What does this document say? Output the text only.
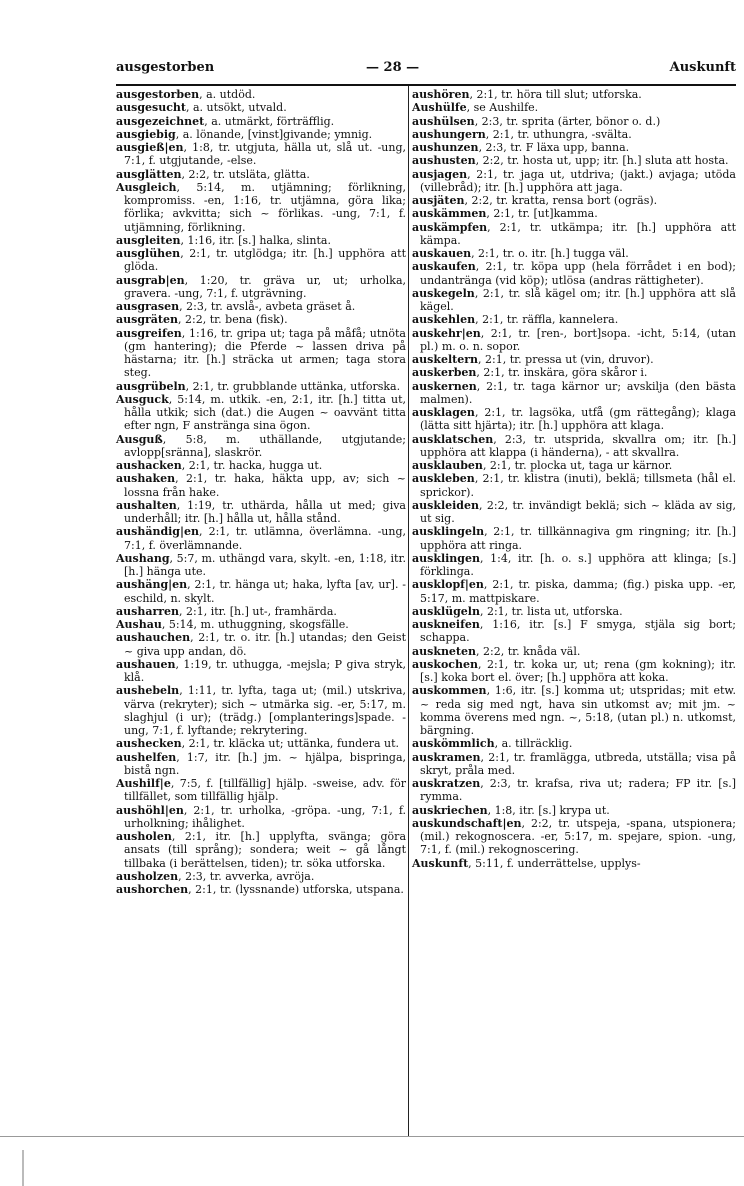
ausgestorben	— 28 —	Auskunft

ausgestorben, a. utdöd.

ausgesucht, a. utsökt, utvald.

ausgezeichnet, a. utmärkt, förträfflig.

ausgiebig, a. lönande, [vinst]givande; ymnig.

ausgieß|en, 1:8, tr. utgjuta, hälla ut, slå ut. -ung, 7:1, f. utgjutande, -else.

ausglätten, 2:2, tr. utsläta, glätta.

Ausgleich, 5:14, m. utjämning; förlikning, kompromiss. -en, 1:16, tr. utjämna, göra lika; förlika; avkvitta; sich ~ förlikas. -ung, 7:1, f. utjämning, förlikning.

ausgleiten, 1:16, itr. [s.] halka, slinta.

ausglühen, 2:1, tr. utglödga; itr. [h.] upphöra att glöda.

ausgrab|en, 1:20, tr. gräva ur, ut; urholka, gravera. -ung, 7:1, f. utgrävning.

ausgrasen, 2:3, tr. avslå-, avbeta gräset å.

ausgräten, 2:2, tr. bena (fisk).

ausgreifen, 1:16, tr. gripa ut; taga på måfå; utnöta (gm hantering); die Pferde ~ lassen driva på hästarna; itr. [h.] sträcka ut armen; taga stora steg.

ausgrübeln, 2:1, tr. grubblande uttänka, utforska.

Ausguck, 5:14, m. utkik. -en, 2:1, itr. [h.] titta ut, hålla utkik; sich (dat.) die Augen ~ oavvänt titta efter ngn, F anstränga sina ögon.

Ausguß, 5:8, m. uthällande, utgjutande; avlopp[sränna], slaskrör.

aushacken, 2:1, tr. hacka, hugga ut.

aushaken, 2:1, tr. haka, häkta upp, av; sich ~ lossna från hake.

aushalten, 1:19, tr. uthärda, hålla ut med; giva underhåll; itr. [h.] hålla ut, hålla stånd.

aushändig|en, 2:1, tr. utlämna, överlämna. -ung, 7:1, f. överlämnande.

Aushang, 5:7, m. uthängd vara, skylt. -en, 1:18, itr. [h.] hänga ute.

aushäng|en, 2:1, tr. hänga ut; haka, lyfta [av, ur]. -eschild, n. skylt.

ausharren, 2:1, itr. [h.] ut-, framhärda.

Aushau, 5:14, m. uthuggning, skogsfälle.

aushauchen, 2:1, tr. o. itr. [h.] utandas; den Geist ~ giva upp andan, dö.

aushauen, 1:19, tr. uthugga, -mejsla; P giva stryk, klå.

aushebeln, 1:11, tr. lyfta, taga ut; (mil.) utskriva, värva (rekryter); sich ~ utmärka sig. -er, 5:17, m. slaghjul (i ur); (trädg.) [omplanterings]spade. -ung, 7:1, f. lyftande; rekrytering.

aushecken, 2:1, tr. kläcka ut; uttänka, fundera ut.

aushelfen, 1:7, itr. [h.] jm. ~ hjälpa, bispringa, bistå ngn.

Aushilf|e, 7:5, f. [tillfällig] hjälp. -sweise, adv. för tillfället, som tillfällig hjälp.

aushöhl|en, 2:1, tr. urholka, -gröpa. -ung, 7:1, f. urholkning; ihålighet.

ausholen, 2:1, itr. [h.] upplyfta, svänga; göra ansats (till språng); sondera; weit ~ gå långt tillbaka (i berättelsen, tiden); tr. söka utforska.

ausholzen, 2:3, tr. avverka, avröja.

aushorchen, 2:1, tr. (lyssnande) utforska, utspana.

aushören, 2:1, tr. höra till slut; utforska.

Aushülfe, se Aushilfe.

aushülsen, 2:3, tr. sprita (ärter, bönor o. d.)

aushungern, 2:1, tr. uthungra, -svälta.

aushunzen, 2:3, tr. F läxa upp, banna.

aushusten, 2:2, tr. hosta ut, upp; itr. [h.] sluta att hosta.

ausjagen, 2:1, tr. jaga ut, utdriva; (jakt.) avjaga; utöda (villebråd); itr. [h.] upphöra att jaga.

ausjäten, 2:2, tr. kratta, rensa bort (ogräs).

auskämmen, 2:1, tr. [ut]kamma.

auskämpfen, 2:1, tr. utkämpa; itr. [h.] upphöra att kämpa.

auskauen, 2:1, tr. o. itr. [h.] tugga väl.

auskaufen, 2:1, tr. köpa upp (hela förrådet i en bod); undantränga (vid köp); utlösa (andras rättigheter).

auskegeln, 2:1, tr. slå kägel om; itr. [h.] upphöra att slå kägel.

auskehlen, 2:1, tr. räffla, kannelera.

auskehr|en, 2:1, tr. [ren-, bort]sopa. -icht, 5:14, (utan pl.) m. o. n. sopor.

auskeltern, 2:1, tr. pressa ut (vin, druvor).

auskerben, 2:1, tr. inskära, göra skåror i.

auskernen, 2:1, tr. taga kärnor ur; avskilja (den bästa malmen).

ausklagen, 2:1, tr. lagsöka, utfå (gm rättegång); klaga (lätta sitt hjärta); itr. [h.] upphöra att klaga.

ausklatschen, 2:3, tr. utsprida, skvallra om; itr. [h.] upphöra att klappa (i händerna), - att skvallra.

ausklauben, 2:1, tr. plocka ut, taga ur kärnor.

auskleben, 2:1, tr. klistra (inuti), beklä; tillsmeta (hål el. sprickor).

auskleiden, 2:2, tr. invändigt beklä; sich ~ kläda av sig, ut sig.

ausklingeln, 2:1, tr. tillkännagiva gm ringning; itr. [h.] upphöra att ringa.

ausklingen, 1:4, itr. [h. o. s.] upphöra att klinga; [s.] förklinga.

ausklopf|en, 2:1, tr. piska, damma; (fig.) piska upp. -er, 5:17, m. mattpiskare.

ausklügeln, 2:1, tr. lista ut, utforska.

auskneifen, 1:16, itr. [s.] F smyga, stjäla sig bort; schappa.

auskneten, 2:2, tr. knåda väl.

auskochen, 2:1, tr. koka ur, ut; rena (gm kokning); itr. [s.] koka bort el. över; [h.] upphöra att koka.

auskommen, 1:6, itr. [s.] komma ut; utspridas; mit etw. ~ reda sig med ngt, hava sin utkomst av; mit jm. ~ komma överens med ngn. ~, 5:18, (utan pl.) n. utkomst, bärgning.

auskömmlich, a. tillräcklig.

auskramen, 2:1, tr. framlägga, utbreda, utställa; visa på skryt, pråla med.

auskratzen, 2:3, tr. krafsa, riva ut; radera; FP itr. [s.] rymma.

auskriechen, 1:8, itr. [s.] krypa ut.

auskundschaft|en, 2:2, tr. utspeja, -spana, utspionera; (mil.) rekognoscera. -er, 5:17, m. spejare, spion. -ung, 7:1, f. (mil.) rekognoscering.

Auskunft, 5:11, f. underrättelse, upplys-
